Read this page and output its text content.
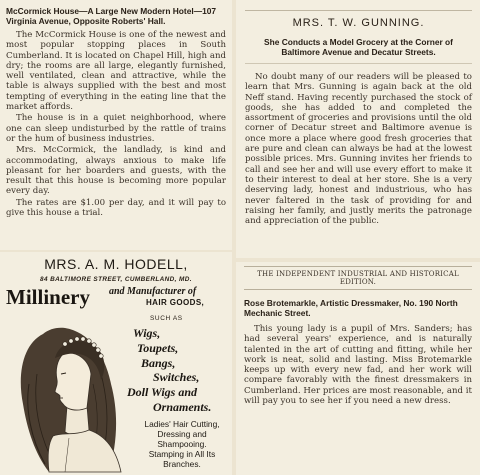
McCormick House—A Large New Modern Hotel—107 Virginia Avenue, Opposite Roberts' Hall.

The McCormick House is one of the newest and most popular stopping places in South Cumberland. It is located on Chapel Hill, high and dry; the rooms are all large, elegantly furnished, well ventilated, clean and attractive, while the table is always supplied with the best and most tempting of everything in the eating line that the market affords.

The house is in a quiet neighborhood, where one can sleep undisturbed by the rattle of trains or the hum of business industries.

Mrs. McCormick, the landlady, is kind and accommodating, always anxious to make life pleasant for her boarders and guests, with the result that this house is becoming more popular every day.

The rates are $1.00 per day, and it will pay to give this house a trial.

MRS. T. W. GUNNING.
She Conducts a Model Grocery at the Corner of Baltimore Avenue and Decatur Streets.

No doubt many of our readers will be pleased to learn that Mrs. Gunning is again back at the old Neff stand. Having recently purchased the stock of goods, she has added to and completed the assortment of groceries and provisions until the old corner of Decatur street and Baltimore avenue is once more a place where good fresh groceries that are pure and clean can always be had at the lowest possible prices. Mrs. Gunning invites her friends to call and see her and will use every effort to make it to their interest to deal at her store. She is a very deserving lady, honest and industrious, who has never faltered in the task of providing for and raising her family, and justly merits the patronage and appreciation of the public.

MRS. A. M. HODELL,
84 BALTIMORE STREET, CUMBERLAND, MD.
Millinery and Manufacturer of
HAIR GOODS,
SUCH AS
Wigs,
Toupets,
Bangs,
Switches,
Doll Wigs and
Ornaments.
Ladies' Hair Cutting, Dressing and Shampooing.
Stamping in All Its Branches.
THE INDEPENDENT INDUSTRIAL AND HISTORICAL EDITION.
Rose Brotemarkle, Artistic Dressmaker, No. 190 North Mechanic Street.

This young lady is a pupil of Mrs. Sanders; has had several years' experience, and is naturally talented in the art of cutting and fitting, while her work is neat, solid and lasting. Miss Brotemarkle keeps up with every new fad, and her work will compare favorably with the finest dressmakers in Cumberland. Her prices are most reasonable, and it will pay you to see her if you need a new dress.
